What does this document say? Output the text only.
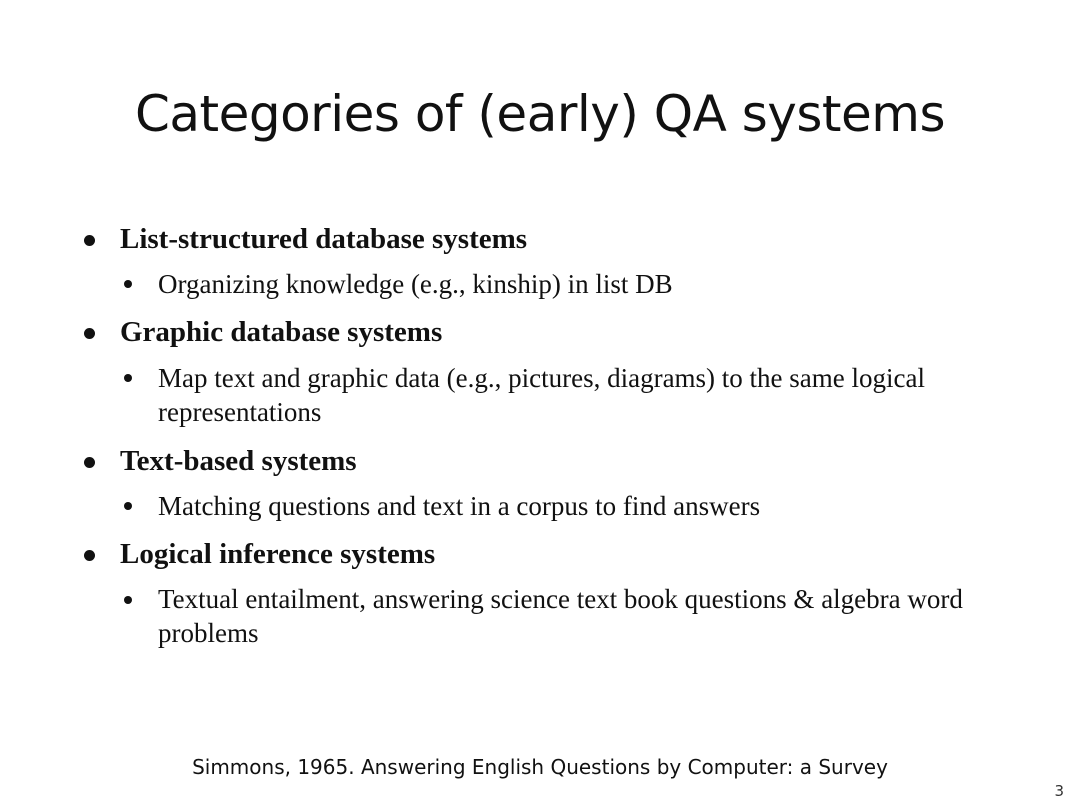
Categories of (early) QA systems
List-structured database systems
Organizing knowledge (e.g., kinship) in list DB
Graphic database systems
Map text and graphic data (e.g., pictures, diagrams) to the same logical representations
Text-based systems
Matching questions and text in a corpus to find answers
Logical inference systems
Textual entailment, answering science text book questions & algebra word problems
Simmons, 1965. Answering English Questions by Computer: a Survey
3
